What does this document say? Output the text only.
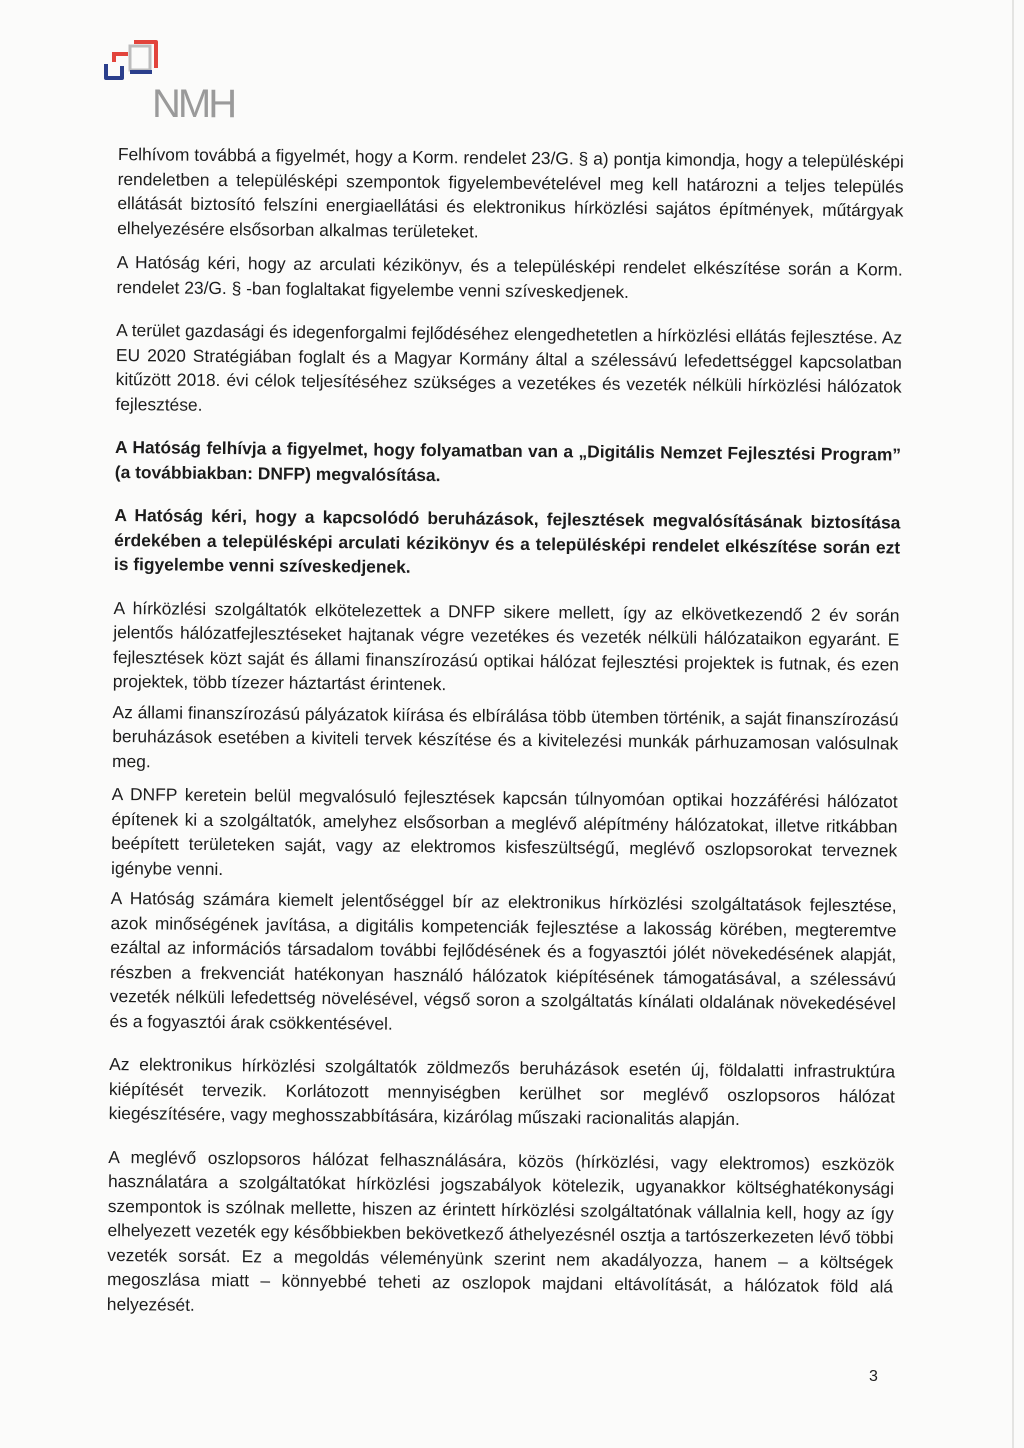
NMH

Felhívom továbbá a figyelmét, hogy a Korm. rendelet 23/G. § a) pontja kimondja, hogy a településképi rendeletben a településképi szempontok figyelembevételével meg kell határozni a teljes település ellátását biztosító felszíni energiaellátási és elektronikus hírközlési sajátos építmények, műtárgyak elhelyezésére elsősorban alkalmas területeket.

A Hatóság kéri, hogy az arculati kézikönyv, és a településképi rendelet elkészítése során a Korm. rendelet 23/G. § -ban foglaltakat figyelembe venni szíveskedjenek.

A terület gazdasági és idegenforgalmi fejlődéséhez elengedhetetlen a hírközlési ellátás fejlesztése. Az EU 2020 Stratégiában foglalt és a Magyar Kormány által a szélessávú lefedettséggel kapcsolatban kitűzött 2018. évi célok teljesítéséhez szükséges a vezetékes és vezeték nélküli hírközlési hálózatok fejlesztése.

A Hatóság felhívja a figyelmet, hogy folyamatban van a „Digitális Nemzet Fejlesztési Program” (a továbbiakban: DNFP) megvalósítása.

A Hatóság kéri, hogy a kapcsolódó beruházások, fejlesztések megvalósításának biztosítása érdekében a településképi arculati kézikönyv és a településképi rendelet elkészítése során ezt is figyelembe venni szíveskedjenek.

A hírközlési szolgáltatók elkötelezettek a DNFP sikere mellett, így az elkövetkezendő 2 év során jelentős hálózatfejlesztéseket hajtanak végre vezetékes és vezeték nélküli hálózataikon egyaránt. E fejlesztések közt saját és állami finanszírozású optikai hálózat fejlesztési projektek is futnak, és ezen projektek, több tízezer háztartást érintenek.

Az állami finanszírozású pályázatok kiírása és elbírálása több ütemben történik, a saját finanszírozású beruházások esetében a kiviteli tervek készítése és a kivitelezési munkák párhuzamosan valósulnak meg.

A DNFP keretein belül megvalósuló fejlesztések kapcsán túlnyomóan optikai hozzáférési hálózatot építenek ki a szolgáltatók, amelyhez elsősorban a meglévő alépítmény hálózatokat, illetve ritkábban beépített területeken saját, vagy az elektromos kisfeszültségű, meglévő oszlopsorokat terveznek igénybe venni.

A Hatóság számára kiemelt jelentőséggel bír az elektronikus hírközlési szolgáltatások fejlesztése, azok minőségének javítása, a digitális kompetenciák fejlesztése a lakosság körében, megteremtve ezáltal az információs társadalom további fejlődésének és a fogyasztói jólét növekedésének alapját, részben a frekvenciát hatékonyan használó hálózatok kiépítésének támogatásával, a szélessávú vezeték nélküli lefedettség növelésével, végső soron a szolgáltatás kínálati oldalának növekedésével és a fogyasztói árak csökkentésével.

Az elektronikus hírközlési szolgáltatók zöldmezős beruházások esetén új, földalatti infrastruktúra kiépítését tervezik. Korlátozott mennyiségben kerülhet sor meglévő oszlopsoros hálózat kiegészítésére, vagy meghosszabbítására, kizárólag műszaki racionalitás alapján.

A meglévő oszlopsoros hálózat felhasználására, közös (hírközlési, vagy elektromos) eszközök használatára a szolgáltatókat hírközlési jogszabályok kötelezik, ugyanakkor költséghatékonysági szempontok is szólnak mellette, hiszen az érintett hírközlési szolgáltatónak vállalnia kell, hogy az így elhelyezett vezeték egy későbbiekben bekövetkező áthelyezésnél osztja a tartószerkezeten lévő többi vezeték sorsát. Ez a megoldás véleményünk szerint nem akadályozza, hanem – a költségek megoszlása miatt – könnyebbé teheti az oszlopok majdani eltávolítását, a hálózatok föld alá helyezését.

3
